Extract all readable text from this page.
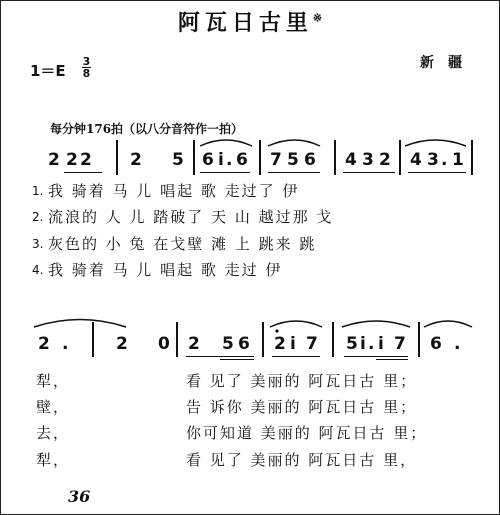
阿瓦日古里※
1＝E
3
8
新疆
每分钟176拍（以八分音符作一拍）
2 2 2 2 5 6 i . 6 7 5 6 4 3 2 4 3 . 1
1.
2.
3.
4.
我 骑着 马 儿 唱起 歌 走过了 伊
流浪的 人 儿 踏破了 天 山 越过那 戈
灰色的 小 兔 在戈壁 滩 上 跳来 跳
我 骑着 马 儿 唱起 歌 走过 伊
2 .	2 0 2 5 6 2 i 7 5 i . i 7 6 .
犁，	看 见了 美丽的 阿瓦日古 里；
壁，	告 诉你 美丽的 阿瓦日古 里；
去，	你可知道 美丽的 阿瓦日古 里；
犁，	看 见了 美丽的 阿瓦日古 里，
36
